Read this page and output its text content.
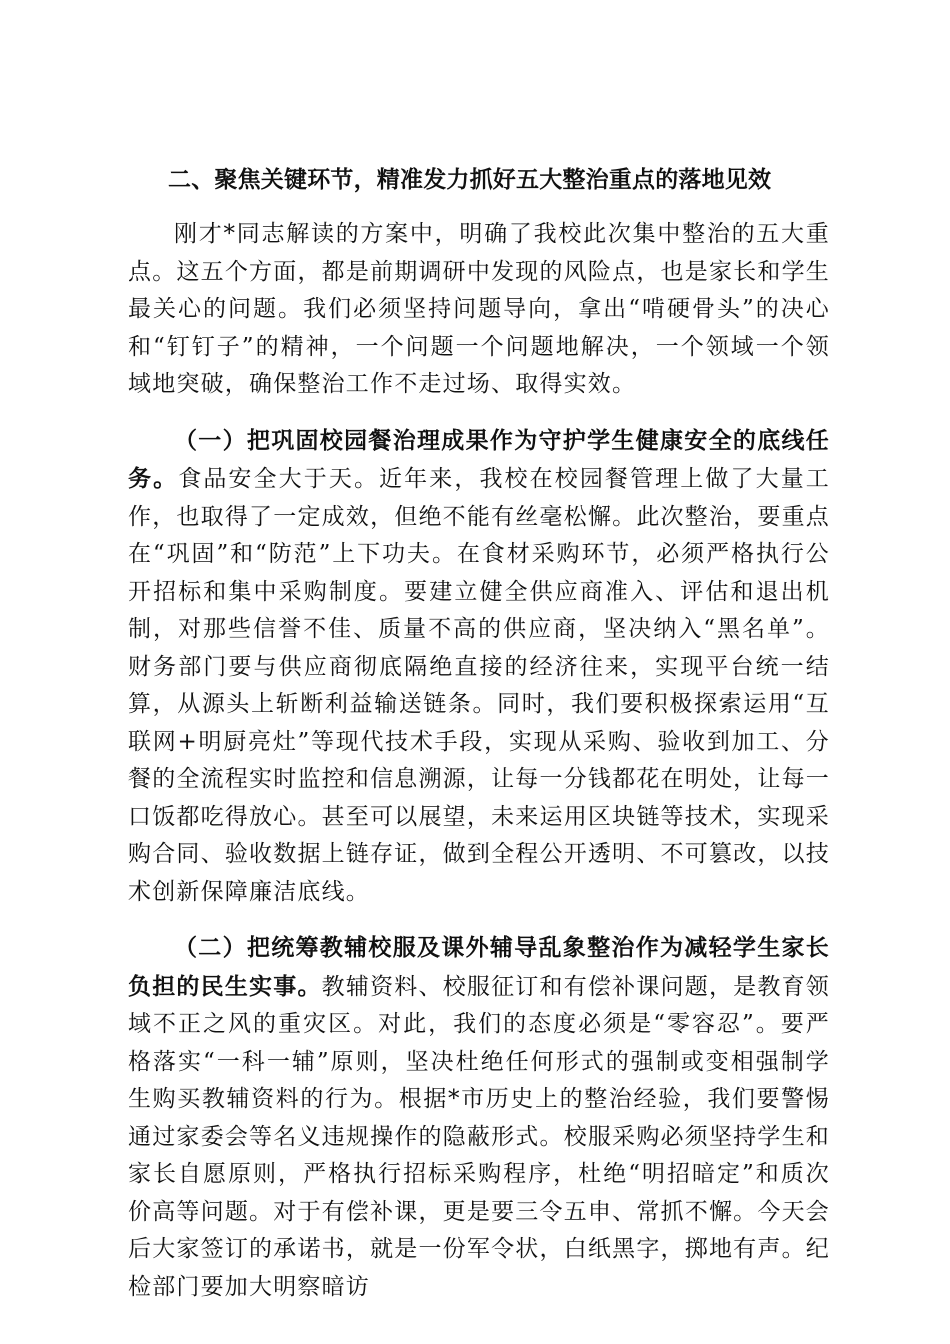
二、聚焦关键环节，精准发力抓好五大整治重点的落地见效

刚才*同志解读的方案中，明确了我校此次集中整治的五大重点。这五个方面，都是前期调研中发现的风险点，也是家长和学生最关心的问题。我们必须坚持问题导向，拿出“啃硬骨头”的决心和“钉钉子”的精神，一个问题一个问题地解决，一个领域一个领域地突破，确保整治工作不走过场、取得实效。

（一）把巩固校园餐治理成果作为守护学生健康安全的底线任务。食品安全大于天。近年来，我校在校园餐管理上做了大量工作，也取得了一定成效，但绝不能有丝毫松懈。此次整治，要重点在“巩固”和“防范”上下功夫。在食材采购环节，必须严格执行公开招标和集中采购制度。要建立健全供应商准入、评估和退出机制，对那些信誉不佳、质量不高的供应商，坚决纳入“黑名单”。财务部门要与供应商彻底隔绝直接的经济往来，实现平台统一结算，从源头上斩断利益输送链条。同时，我们要积极探索运用“互联网+明厨亮灶”等现代技术手段，实现从采购、验收到加工、分餐的全流程实时监控和信息溯源，让每一分钱都花在明处，让每一口饭都吃得放心。甚至可以展望，未来运用区块链等技术，实现采购合同、验收数据上链存证，做到全程公开透明、不可篡改，以技术创新保障廉洁底线。

（二）把统筹教辅校服及课外辅导乱象整治作为减轻学生家长负担的民生实事。教辅资料、校服征订和有偿补课问题，是教育领域不正之风的重灾区。对此，我们的态度必须是“零容忍”。要严格落实“一科一辅”原则，坚决杜绝任何形式的强制或变相强制学生购买教辅资料的行为。根据*市历史上的整治经验，我们要警惕通过家委会等名义违规操作的隐蔽形式。校服采购必须坚持学生和家长自愿原则，严格执行招标采购程序，杜绝“明招暗定”和质次价高等问题。对于有偿补课，更是要三令五申、常抓不懈。今天会后大家签订的承诺书，就是一份军令状，白纸黑字，掷地有声。纪检部门要加大明察暗访
